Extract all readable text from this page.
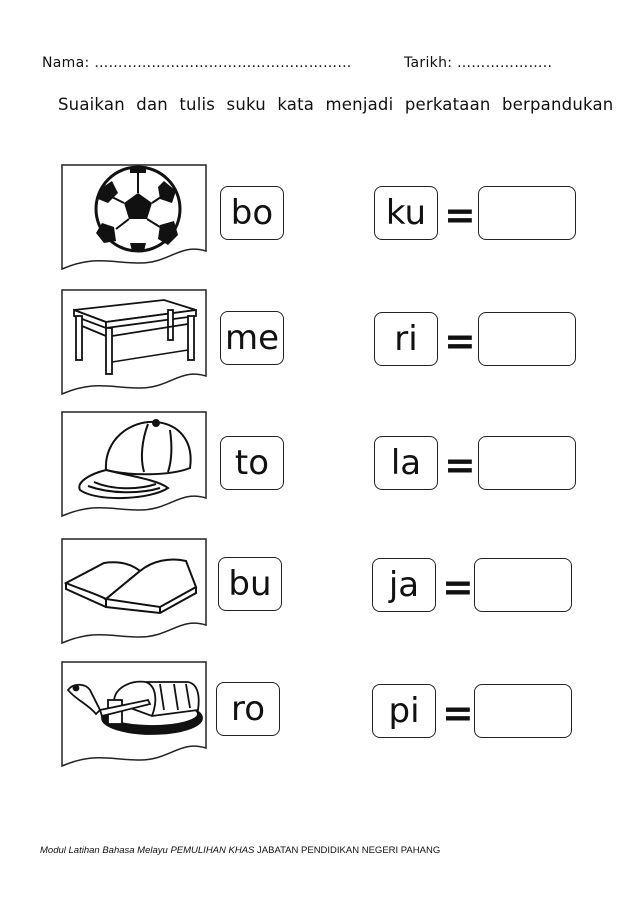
Nama: ………………………………………………	Tarikh: ………………..
Suaikan dan tulis suku kata menjadi perkataan berpandukan
bo	ku =
me	ri =
to	la =
bu	ja =
ro	pi =
Modul Latihan Bahasa Melayu PEMULIHAN KHAS JABATAN PENDIDIKAN NEGERI PAHANG
